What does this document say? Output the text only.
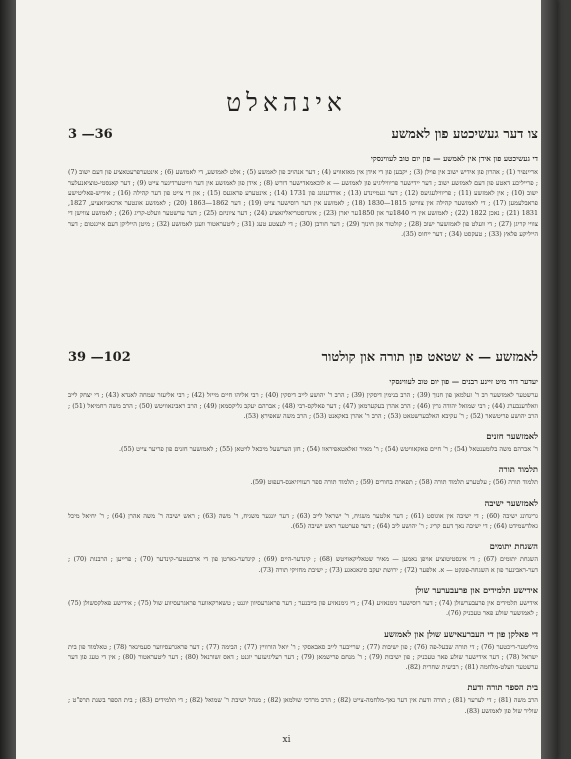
אינהאלט
צו דער געשיכטע פון לאמשע
3 —36
די געשיכטע פון אידן אין לאמשע — פון יום טוב לעווינסקי
אריינפיר (1) ; אהרון פון אידיש ישוב אין פוילן (3) ; יקבען פון די אידן אין מאזאוויע (4) ; דער אנהויב פון לאמשע (5) ; אלט לאמזשע, די לאמזשע (6) ; אינטערפרעטאציע פון דעם ישוב (7) ; פרייליכע דאטע פון דעם לאמזשע ישוב ; דער יידישער פריוויליגיע פון לאמזשע — א לוכאמאדישער דורש (8) ; אידן פון לאמזשע אין דער ווייטערדיגער צייט (9) ; דער קאנסטי-טוציאנעלער ישוב (10) ; אין לאמזשע (11) ; פריווילעגיעס (12) ; דער געמיינדע (13) ; אורדענונג פון 1731 (14) ; אינטערע פראגעס (15) ; און די צייט פון דער קהילה (16) ; אידיש-פאליטישע פראבלעמען (17) ; די לאמזשער קהילה אין צווישן 1815—1830 (18) ; לאמזשע אין דער רוסישער צייט (19) ; דער 1862—1863 (20) ; לאמזשע אונטער ארגאניזאציע, 1827, 1831 (21) ; נאכן 1822 (22) ; לאמזשע אין די 1840ער און 1850ער יארן (23) ; אינדוסטריאליזאציע (24) ; דער ציוניזם (25) ; דער ערשטער וועלט-קריג (26) ; לאמזשע צווישן די צוויי קריגן (27) ; די וועלט פון לאמזשער ישוב (28) ; קולטור און חינוך (29) ; דער חורבן (30) ; די לעצטע טעג (31) ; ליטעראטור וועגן לאמזשע (32) ; מיטן הייליקן דעם אייגנטום ; דער הייליקע פלאץ (33) ; טעקסט (34) ; דער ייחוס (35).
לאמזשע — א שטאט פון תורה און קולטור
39 —102
יעדער דור מיט זיינע רבנים — פון יום טוב לעווינסקי
ערשטער לאמזשער רב ר' זעלמאן פון חנוך (39) ; הרב בנימין דיסקין (39) ; הרב ר' יהושע לייב דיסקין (40) ; רבי אליהו חיים מייזל (42) ; רבי אליעזר שמחה לאנדא (43) ; די יצחק לייב וואלדענבערג (44) ; רבי שמואל יהודה גרין (46) ; הרב אהרן בעקערמאן (47) ; דער פאלקס-רבי (48) ; אברהם יעקב גליקסמאן (49) ; הרב ראבינאוויטש (50) ; הרב משה רחמיאל (51) ; הרב יהושע פריטשאר (52) ; ר' עקיבא האלבערשטאט (53) ; הרב ר' אהרן באקאנט (53) ; הרב משה שאפיראָ (53).
לאמזשער חזנים
ר' אברהם משה בלומענטאל (54) ; ר' חיים פאקאוויטש (54) ; ר' מאיר זאלאטאפיראוו (54) ; חזן הערשעל מיכאל לויטאן (55) ; לאמזשער חזנים פון פריער צייט (55).
תלמוד תורה
תלמוד תורה (56) ; עלטערע תלמוד תורה (58) ; תפארת בחורים (59) ; תלמוד תורה ספר רעוויזיאנס-דעפוט (59).
לאמזשער ישיבה
גרינדונג ישיבה (60) ; די ישיבה אין אוגוסט (61) ; דער אלטער משגיח, ר' ישראל לייב (63) ; דער יונגער משגיח, ר' משה (63) ; ראש ישיבה ר' משה אהרן (64) ; ר' יחיאל מיכל גאלדשמידט (64) ; די ישיבה נאך דעם קריג ; ר' יהושע ליב (64) ; דער פערטער ראש ישיבה (65).
השגחת יתומים
השגחת יתומים (67) ; די אינסטיטוציע אויפן נאמען — מאיר שטאליקאוויטש (68) ; קינדער-היים (69) ; קינדער-גארטן פון די ארבעטער-קינדער (70) ; פרייען ; הרבנות (70) ; דער-ראבינער פון א השגחה-פונקט — א. אלפער (72) ; ירושת יעקב סינאגאגע (73) ; ישיבת מחזיקי תורה (73).
אידישע תלמידים און פרעבערער שולן
אידישע תלמידים אין פרעבערשולן (74) ; דער רוסישער גימנאזיע (74) ; די גימנאזיע פון בייבנער ; דער פראגרעסיוון יוגנט ; טשארקאווער פראגרעסיווע שול (75) ; אידישע פאלקסשולן (75) ; לאמזשער שולע פאר טעכניק (76).
די פאלקן פון די העברעאישע שולן און לאמזשע
מיליטער-ריכטער (76) ; די תורה שבעל-פה (76) ; פון ישיבות (77) ; שרייבער לייב סאבאסקי ; ר' יואל הורוויץ (77) ; הבימה (77) ; דער פראגרעסיווער סעמינאר (78) ; טאלמוד פון בית ישראל (78) ; דער אידישער שולע פאר טעכניק ; פון ישיבות (79) ; ר' מנחם פרישמאן (79) ; דער רעליגיעזער יוגנט ; דאס זשורנאל (80) ; דער ליטעראטור (80) ; אין די טעג פון דער ערשטער וועלט-מלחמה (81) ; רביעית שחרית (82).
בית הספר תורה ודעת
הרב משה (81) ; די לערער (81) ; תורה ודעת אין דער נאך-מלחמה-צייט (82) ; הרב מרדכי שולמאן (82) ; מנהל ישיבת ר' שמואל (82) ; די תלמידים (83) ; בית הספר בשנת תרפ"ט ; שוליר שול פון לאמזשע (83).
xi
